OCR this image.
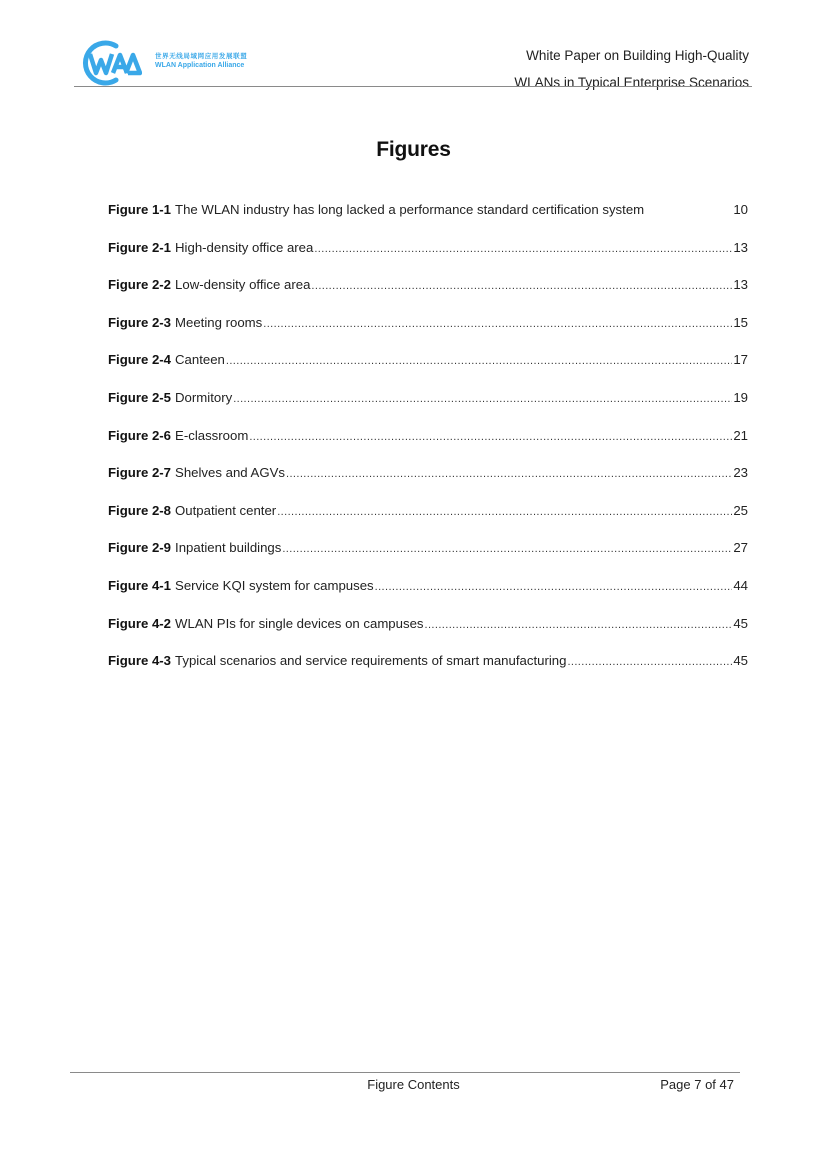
世界无线局域网应用发展联盟
WLAN Application Alliance
White Paper on Building High-Quality
WLANs in Typical Enterprise Scenarios
Figures
Figure 1-1 The WLAN industry has long lacked a performance standard certification system	10
Figure 2-1 High-density office area .....	13
Figure 2-2 Low-density office area .....	13
Figure 2-3 Meeting rooms .....	15
Figure 2-4 Canteen .....	17
Figure 2-5 Dormitory .....	19
Figure 2-6 E-classroom .....	21
Figure 2-7 Shelves and AGVs .....	23
Figure 2-8 Outpatient center .....	25
Figure 2-9 Inpatient buildings .....	27
Figure 4-1 Service KQI system for campuses .....	44
Figure 4-2 WLAN PIs for single devices on campuses .....	45
Figure 4-3 Typical scenarios and service requirements of smart manufacturing .....	45
Figure Contents	Page 7 of 47
